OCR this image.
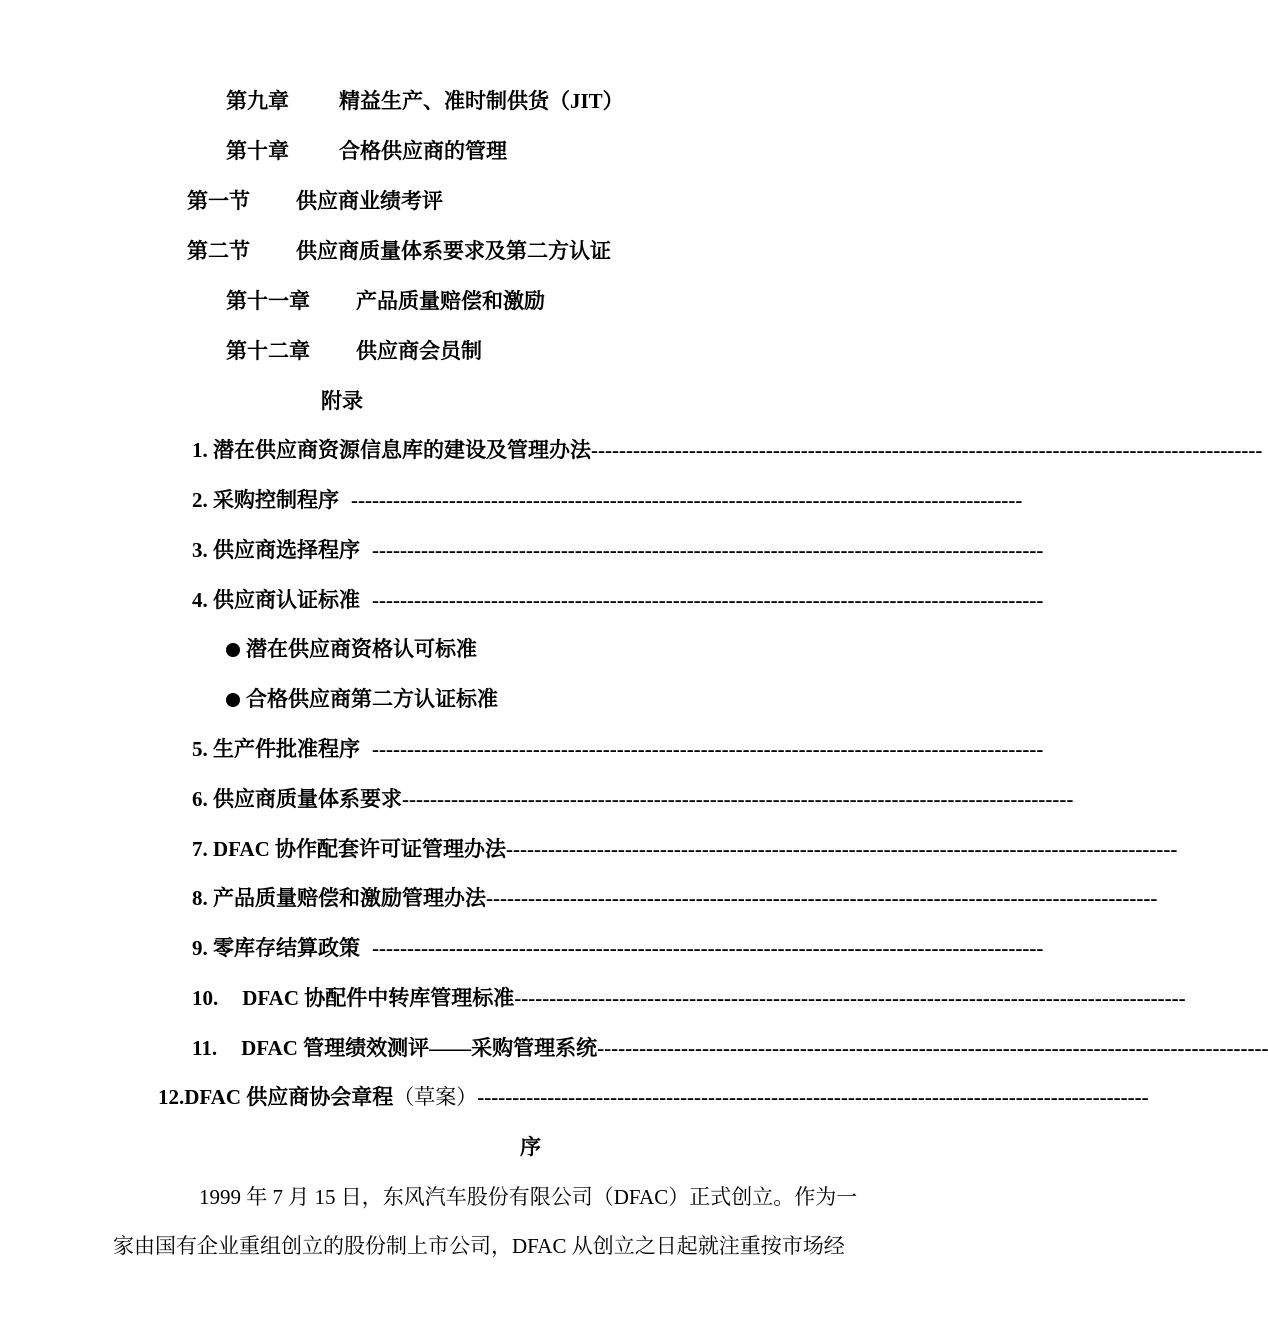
第九章 精益生产、准时制供货（JIT）
第十章 合格供应商的管理
第一节 供应商业绩考评
第二节 供应商质量体系要求及第二方认证
第十一章 产品质量赔偿和激励
第十二章 供应商会员制
附录
1. 潜在供应商资源信息库的建设及管理办法------------------------------------------------------------------------------------------------
2. 采购控制程序 ------------------------------------------------------------------------------------------------
3. 供应商选择程序 ------------------------------------------------------------------------------------------------
4. 供应商认证标准 ------------------------------------------------------------------------------------------------
潜在供应商资格认可标准
合格供应商第二方认证标准
5. 生产件批准程序 ------------------------------------------------------------------------------------------------
6. 供应商质量体系要求------------------------------------------------------------------------------------------------
7. DFAC 协作配套许可证管理办法------------------------------------------------------------------------------------------------
8. 产品质量赔偿和激励管理办法------------------------------------------------------------------------------------------------
9. 零库存结算政策 ------------------------------------------------------------------------------------------------
10. DFAC 协配件中转库管理标准------------------------------------------------------------------------------------------------
11. DFAC 管理绩效测评——采购管理系统------------------------------------------------------------------------------------------------
12.DFAC 供应商协会章程（草案）------------------------------------------------------------------------------------------------
序
1999 年 7 月 15 日，东风汽车股份有限公司（DFAC）正式创立。作为一
家由国有企业重组创立的股份制上市公司，DFAC 从创立之日起就注重按市场经
